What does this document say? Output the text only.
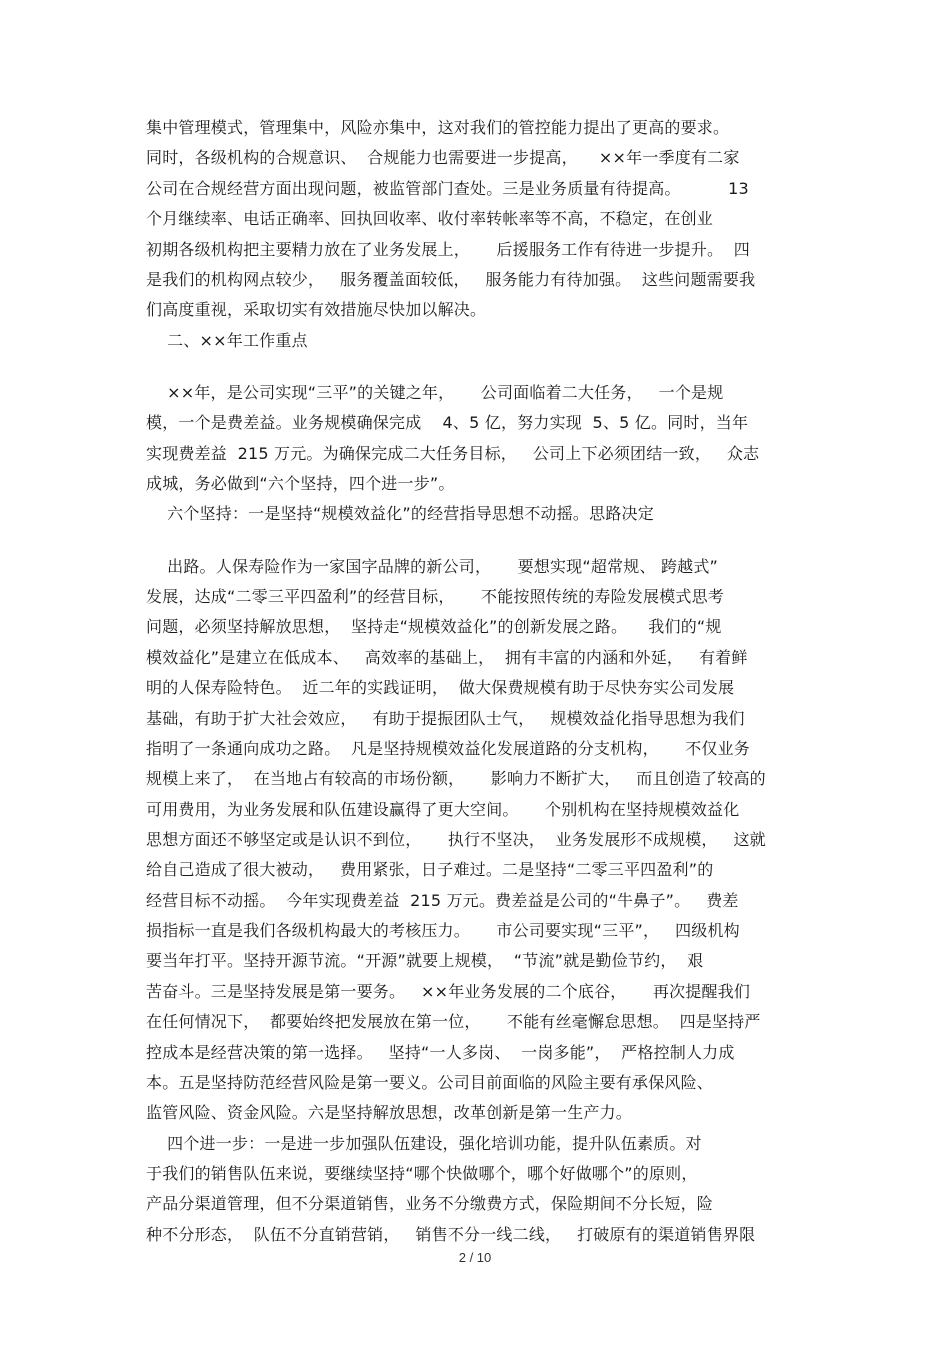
集中管理模式，管理集中，风险亦集中，这对我们的管控能力提出了更高的要求。

同时，各级机构的合规意识、  合规能力也需要进一步提高，    ××年一季度有二家

公司在合规经营方面出现问题，被监管部门查处。三是业务质量有待提高。         13

个月继续率、电话正确率、回执回收率、收付率转帐率等不高，不稳定，在创业

初期各级机构把主要精力放在了业务发展上，     后援服务工作有待进一步提升。  四

是我们的机构网点较少，   服务覆盖面较低，   服务能力有待加强。  这些问题需要我

们高度重视，采取切实有效措施尽快加以解决。

二、××年工作重点

××年，是公司实现“三平”的关键之年，     公司面临着二大任务，   一个是规

模，一个是费差益。业务规模确保完成    4、5 亿，努力实现  5、5 亿。同时，当年

实现费差益  215 万元。为确保完成二大任务目标，   公司上下必须团结一致，   众志

成城，务必做到“六个坚持，四个进一步”。

六个坚持：一是坚持“规模效益化”的经营指导思想不动摇。思路决定

出路。人保寿险作为一家国字品牌的新公司，     要想实现“超常规、 跨越式”

发展，达成“二零三平四盈利”的经营目标，     不能按照传统的寿险发展模式思考

问题，必须坚持解放思想，  坚持走“规模效益化”的创新发展之路。    我们的“规

模效益化”是建立在低成本、   高效率的基础上，  拥有丰富的内涵和外延，   有着鲜

明的人保寿险特色。  近二年的实践证明，  做大保费规模有助于尽快夯实公司发展

基础，有助于扩大社会效应，   有助于提振团队士气，   规模效益化指导思想为我们

指明了一条通向成功之路。  凡是坚持规模效益化发展道路的分支机构，     不仅业务

规模上来了，  在当地占有较高的市场份额，     影响力不断扩大，   而且创造了较高的

可用费用，为业务发展和队伍建设赢得了更大空间。     个别机构在坚持规模效益化

思想方面还不够坚定或是认识不到位，     执行不坚决，  业务发展形不成规模，   这就

给自己造成了很大被动，   费用紧张，日子难过。二是坚持“二零三平四盈利”的

经营目标不动摇。  今年实现费差益  215 万元。费差益是公司的“牛鼻子”。   费差

损指标一直是我们各级机构最大的考核压力。     市公司要实现“三平”，   四级机构

要当年打平。坚持开源节流。“开源”就要上规模，  “节流”就是勤俭节约，  艰

苦奋斗。三是坚持发展是第一要务。   ××年业务发展的二个底谷，     再次提醒我们

在任何情况下，  都要始终把发展放在第一位，     不能有丝毫懈怠思想。  四是坚持严

控成本是经营决策的第一选择。   坚持“一人多岗、  一岗多能”，  严格控制人力成

本。五是坚持防范经营风险是第一要义。公司目前面临的风险主要有承保风险、

监管风险、资金风险。六是坚持解放思想，改革创新是第一生产力。

四个进一步：一是进一步加强队伍建设，强化培训功能，提升队伍素质。对

于我们的销售队伍来说，要继续坚持“哪个快做哪个，哪个好做哪个”的原则，

产品分渠道管理，但不分渠道销售，业务不分缴费方式，保险期间不分长短，险

种不分形态，  队伍不分直销营销，   销售不分一线二线，   打破原有的渠道销售界限

2 / 10
